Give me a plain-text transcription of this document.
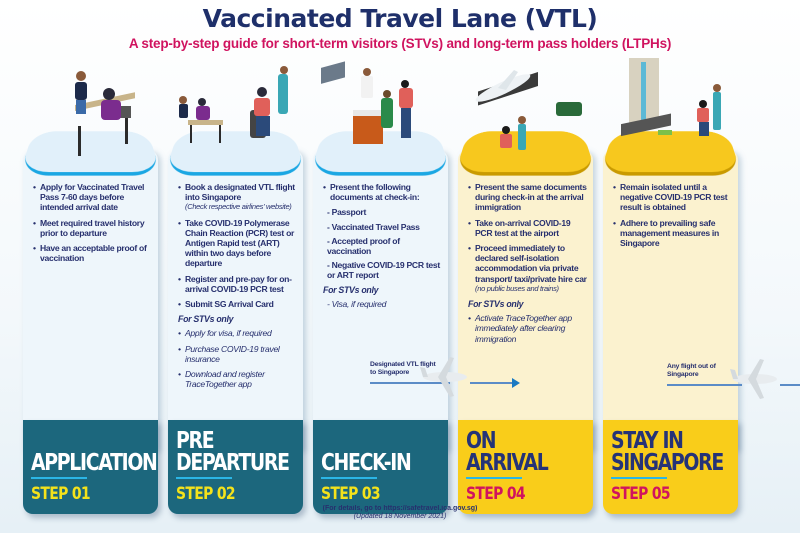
Vaccinated Travel Lane (VTL)
A step-by-step guide for short-term visitors (STVs) and long-term pass holders (LTPHs)
• Apply for Vaccinated Travel Pass 7-60 days before intended arrival date
• Meet required travel history prior to departure
• Have an acceptable proof of vaccination
APPLICATION
STEP 01
• Book a designated VTL flight into Singapore
(Check respective airlines' website)
• Take COVID-19 Polymerase Chain Reaction (PCR) test or Antigen Rapid test (ART) within two days before departure
• Register and pre-pay for on-arrival COVID-19 PCR test
• Submit SG Arrival Card
For STVs only
• Apply for visa, if required
• Purchase COVID-19 travel insurance
• Download and register TraceTogether app
PRE
DEPARTURE
STEP 02
• Present the following documents at check-in:
- Passport
- Vaccinated Travel Pass
- Accepted proof of vaccination
- Negative COVID-19 PCR test or ART report
For STVs only
- Visa, if required
CHECK-IN
STEP 03
• Present the same documents during check-in at the arrival immigration
• Take on-arrival COVID-19 PCR test at the airport
• Proceed immediately to declared self-isolation accommodation via private transport/ taxi/private hire car
(no public buses and trains)
For STVs only
• Activate TraceTogether app immediately after clearing immigration
ON
ARRIVAL
STEP 04
• Remain isolated until a negative COVID-19 PCR test result is obtained
• Adhere to prevailing safe management measures in Singapore
STAY IN
SINGAPORE
STEP 05
Designated VTL flight to Singapore
Any flight out of Singapore
(For details, go to https://safetravel.ica.gov.sg)
(Updated 18 November 2021)
